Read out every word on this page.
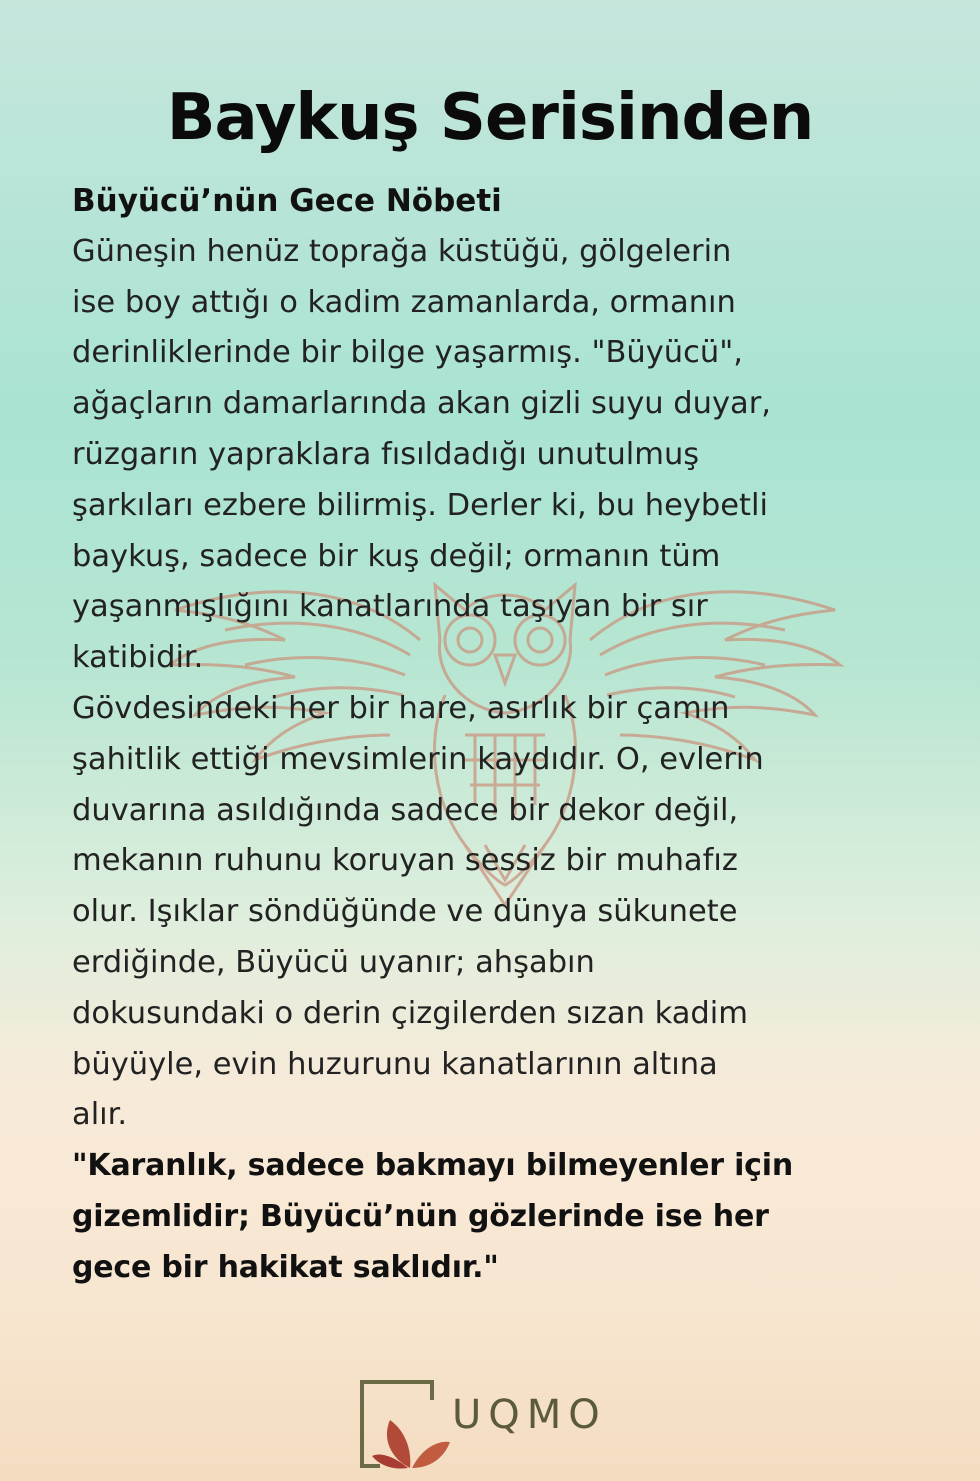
Baykuş Serisinden

Büyücü’nün Gece Nöbeti

Güneşin henüz toprağa küstüğü, gölgelerin
ise boy attığı o kadim zamanlarda, ormanın
derinliklerinde bir bilge yaşarmış. "Büyücü",
ağaçların damarlarında akan gizli suyu duyar,
rüzgarın yapraklara fısıldadığı unutulmuş
şarkıları ezbere bilirmiş. Derler ki, bu heybetli
baykuş, sadece bir kuş değil; ormanın tüm
yaşanmışlığını kanatlarında taşıyan bir sır
katibidir.

Gövdesindeki her bir hare, asırlık bir çamın
şahitlik ettiği mevsimlerin kaydıdır. O, evlerin
duvarına asıldığında sadece bir dekor değil,
mekanın ruhunu koruyan sessiz bir muhafız
olur. Işıklar söndüğünde ve dünya sükunete
erdiğinde, Büyücü uyanır; ahşabın
dokusundaki o derin çizgilerden sızan kadim
büyüyle, evin huzurunu kanatlarının altına
alır.

"Karanlık, sadece bakmayı bilmeyenler için
gizemlidir; Büyücü’nün gözlerinde ise her
gece bir hakikat saklıdır."

UQMO
